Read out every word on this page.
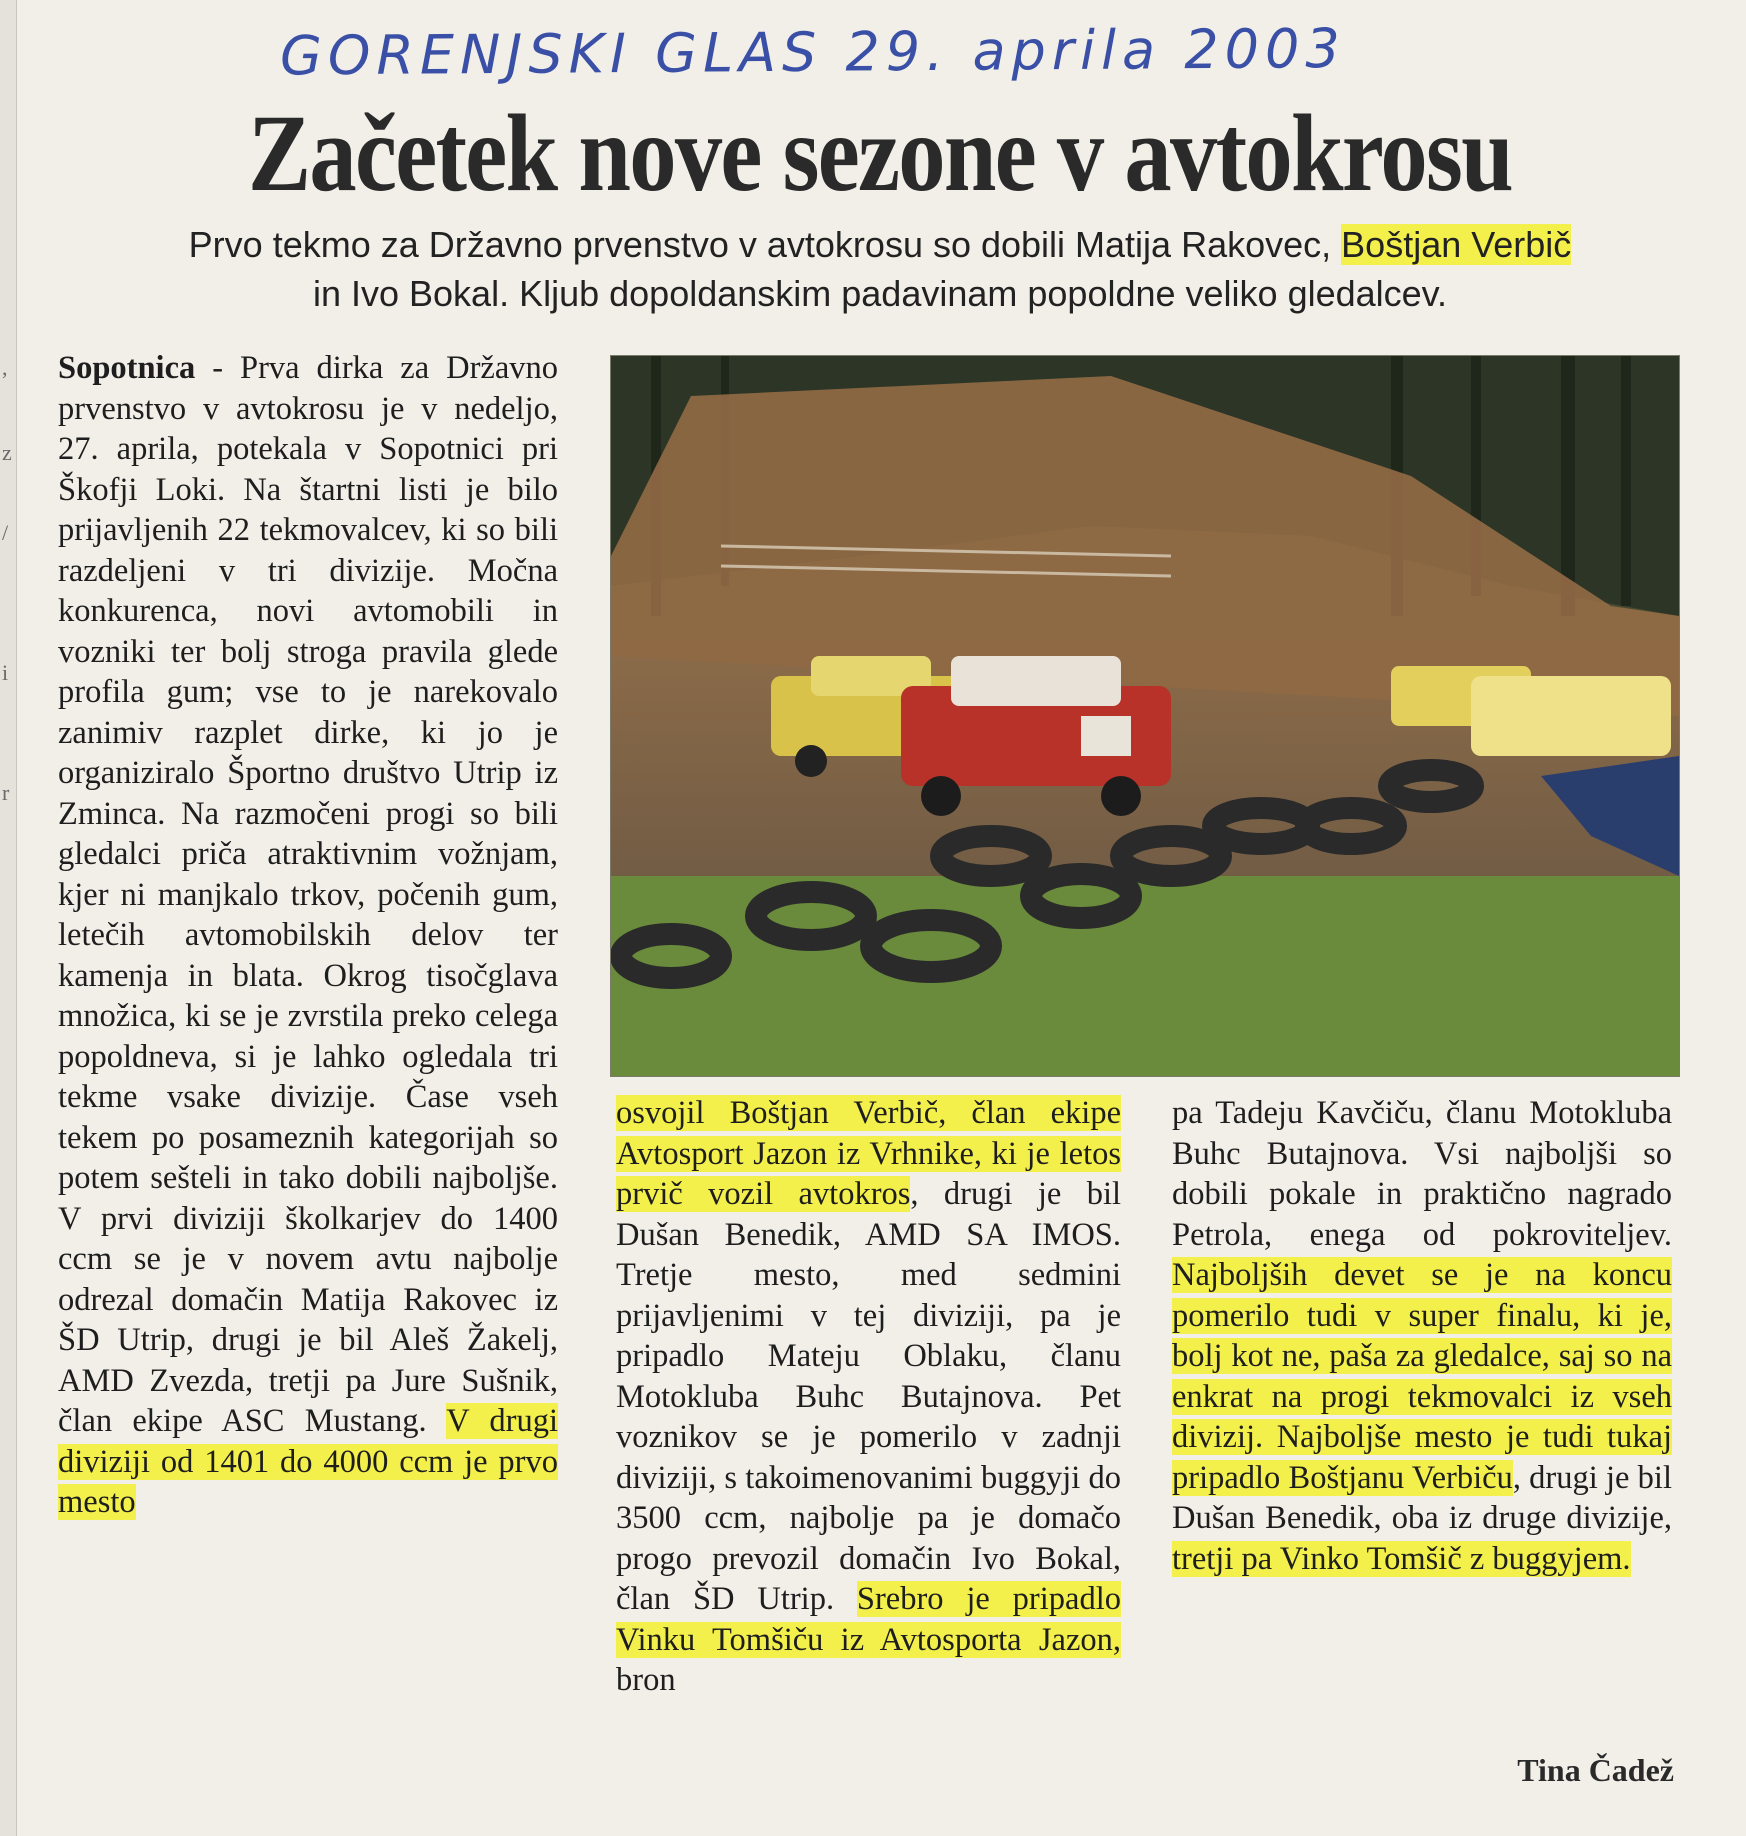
,
z
/
i
r
GORENJSKI GLAS 29. aprila 2003
Začetek nove sezone v avtokrosu
Prvo tekmo za Državno prvenstvo v avtokrosu so dobili Matija Rakovec, Boštjan Verbič
in Ivo Bokal. Kljub dopoldanskim padavinam popoldne veliko gledalcev.
Sopotnica - Prva dirka za Državno prvenstvo v avtokrosu je v nedeljo, 27. aprila, potekala v Sopotnici pri Škofji Loki. Na štartni listi je bilo prijavljenih 22 tekmovalcev, ki so bili razdeljeni v tri divizije. Močna konkurenca, novi avtomobili in vozniki ter bolj stroga pravila glede profila gum; vse to je narekovalo zanimiv razplet dirke, ki jo je organiziralo Športno društvo Utrip iz Zminca. Na razmočeni progi so bili gledalci priča atraktivnim vožnjam, kjer ni manjkalo trkov, počenih gum, letečih avtomobilskih delov ter kamenja in blata. Okrog tisočglava množica, ki se je zvrstila preko celega popoldneva, si je lahko ogledala tri tekme vsake divizije. Čase vseh tekem po posameznih kategorijah so potem sešteli in tako dobili najboljše. V prvi diviziji školkarjev do 1400 ccm se je v novem avtu najbolje odrezal domačin Matija Rakovec iz ŠD Utrip, drugi je bil Aleš Žakelj, AMD Zvezda, tretji pa Jure Sušnik, član ekipe ASC Mustang. V drugi diviziji od 1401 do 4000 ccm je prvo mesto
osvojil Boštjan Verbič, član ekipe Avtosport Jazon iz Vrhnike, ki je letos prvič vozil avtokros, drugi je bil Dušan Benedik, AMD SA IMOS. Tretje mesto, med sedmini prijavljenimi v tej diviziji, pa je pripadlo Mateju Oblaku, članu Motokluba Buhc Butajnova. Pet voznikov se je pomerilo v zadnji diviziji, s takoimenovanimi buggyji do 3500 ccm, najbolje pa je domačo progo prevozil domačin Ivo Bokal, član ŠD Utrip. Srebro je pripadlo Vinku Tomšiču iz Avtosporta Jazon, bron
pa Tadeju Kavčiču, članu Motokluba Buhc Butajnova. Vsi najboljši so dobili pokale in praktično nagrado Petrola, enega od pokroviteljev. Najboljših devet se je na koncu pomerilo tudi v super finalu, ki je, bolj kot ne, paša za gledalce, saj so na enkrat na progi tekmovalci iz vseh divizij. Najboljše mesto je tudi tukaj pripadlo Boštjanu Verbiču, drugi je bil Dušan Benedik, oba iz druge divizije, tretji pa Vinko Tomšič z buggyjem.
Tina Čadež
